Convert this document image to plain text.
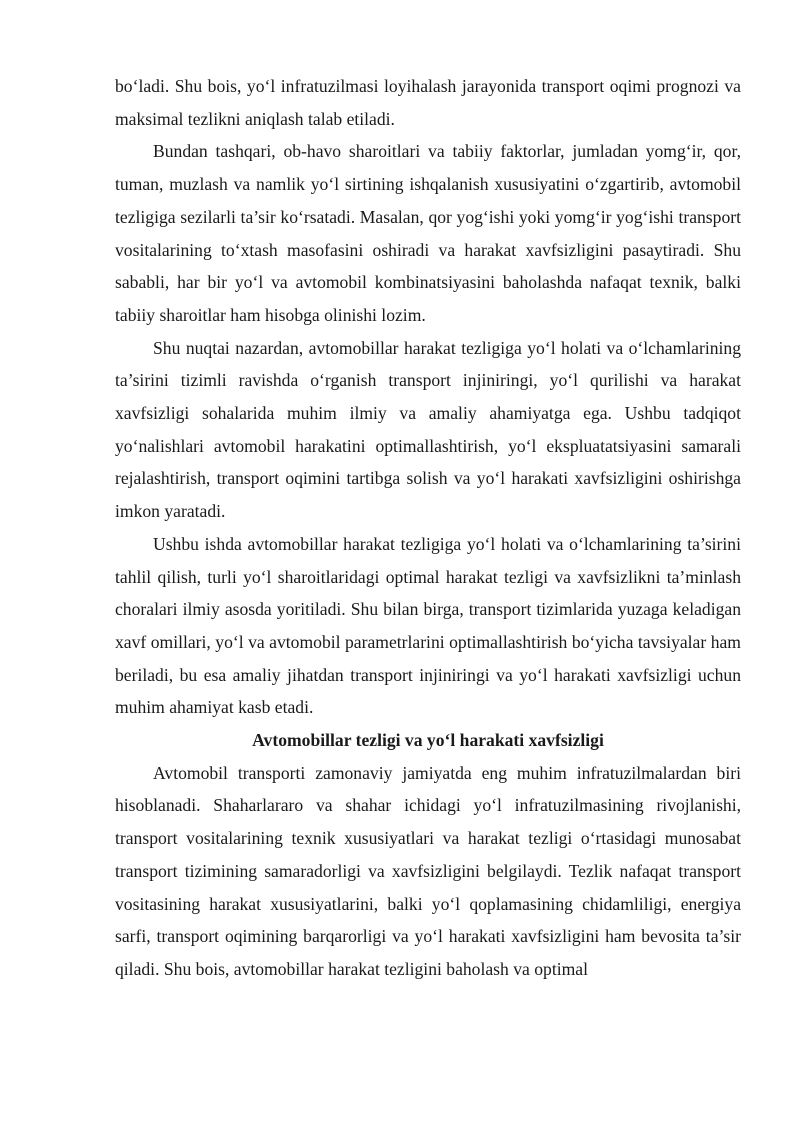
bo‘ladi. Shu bois, yo‘l infratuzilmasi loyihalash jarayonida transport oqimi prognozi va maksimal tezlikni aniqlash talab etiladi.

Bundan tashqari, ob-havo sharoitlari va tabiiy faktorlar, jumladan yomg‘ir, qor, tuman, muzlash va namlik yo‘l sirtining ishqalanish xususiyatini o‘zgartirib, avtomobil tezligiga sezilarli ta’sir ko‘rsatadi. Masalan, qor yog‘ishi yoki yomg‘ir yog‘ishi transport vositalarining to‘xtash masofasini oshiradi va harakat xavfsizligini pasaytiradi. Shu sababli, har bir yo‘l va avtomobil kombinatsiyasini baholashda nafaqat texnik, balki tabiiy sharoitlar ham hisobga olinishi lozim.

Shu nuqtai nazardan, avtomobillar harakat tezligiga yo‘l holati va o‘lchamlarining ta’sirini tizimli ravishda o‘rganish transport injiniringi, yo‘l qurilishi va harakat xavfsizligi sohalarida muhim ilmiy va amaliy ahamiyatga ega. Ushbu tadqiqot yo‘nalishlari avtomobil harakatini optimallashtirish, yo‘l ekspluatatsiyasini samarali rejalashtirish, transport oqimini tartibga solish va yo‘l harakati xavfsizligini oshirishga imkon yaratadi.

Ushbu ishda avtomobillar harakat tezligiga yo‘l holati va o‘lchamlarining ta’sirini tahlil qilish, turli yo‘l sharoitlaridagi optimal harakat tezligi va xavfsizlikni ta’minlash choralari ilmiy asosda yoritiladi. Shu bilan birga, transport tizimlarida yuzaga keladigan xavf omillari, yo‘l va avtomobil parametrlarini optimallashtirish bo‘yicha tavsiyalar ham beriladi, bu esa amaliy jihatdan transport injiniringi va yo‘l harakati xavfsizligi uchun muhim ahamiyat kasb etadi.

Avtomobillar tezligi va yo‘l harakati xavfsizligi

Avtomobil transporti zamonaviy jamiyatda eng muhim infratuzilmalardan biri hisoblanadi. Shaharlararo va shahar ichidagi yo‘l infratuzilmasining rivojlanishi, transport vositalarining texnik xususiyatlari va harakat tezligi o‘rtasidagi munosabat transport tizimining samaradorligi va xavfsizligini belgilaydi. Tezlik nafaqat transport vositasining harakat xususiyatlarini, balki yo‘l qoplamasining chidamliligi, energiya sarfi, transport oqimining barqarorligi va yo‘l harakati xavfsizligini ham bevosita ta’sir qiladi. Shu bois, avtomobillar harakat tezligini baholash va optimal
